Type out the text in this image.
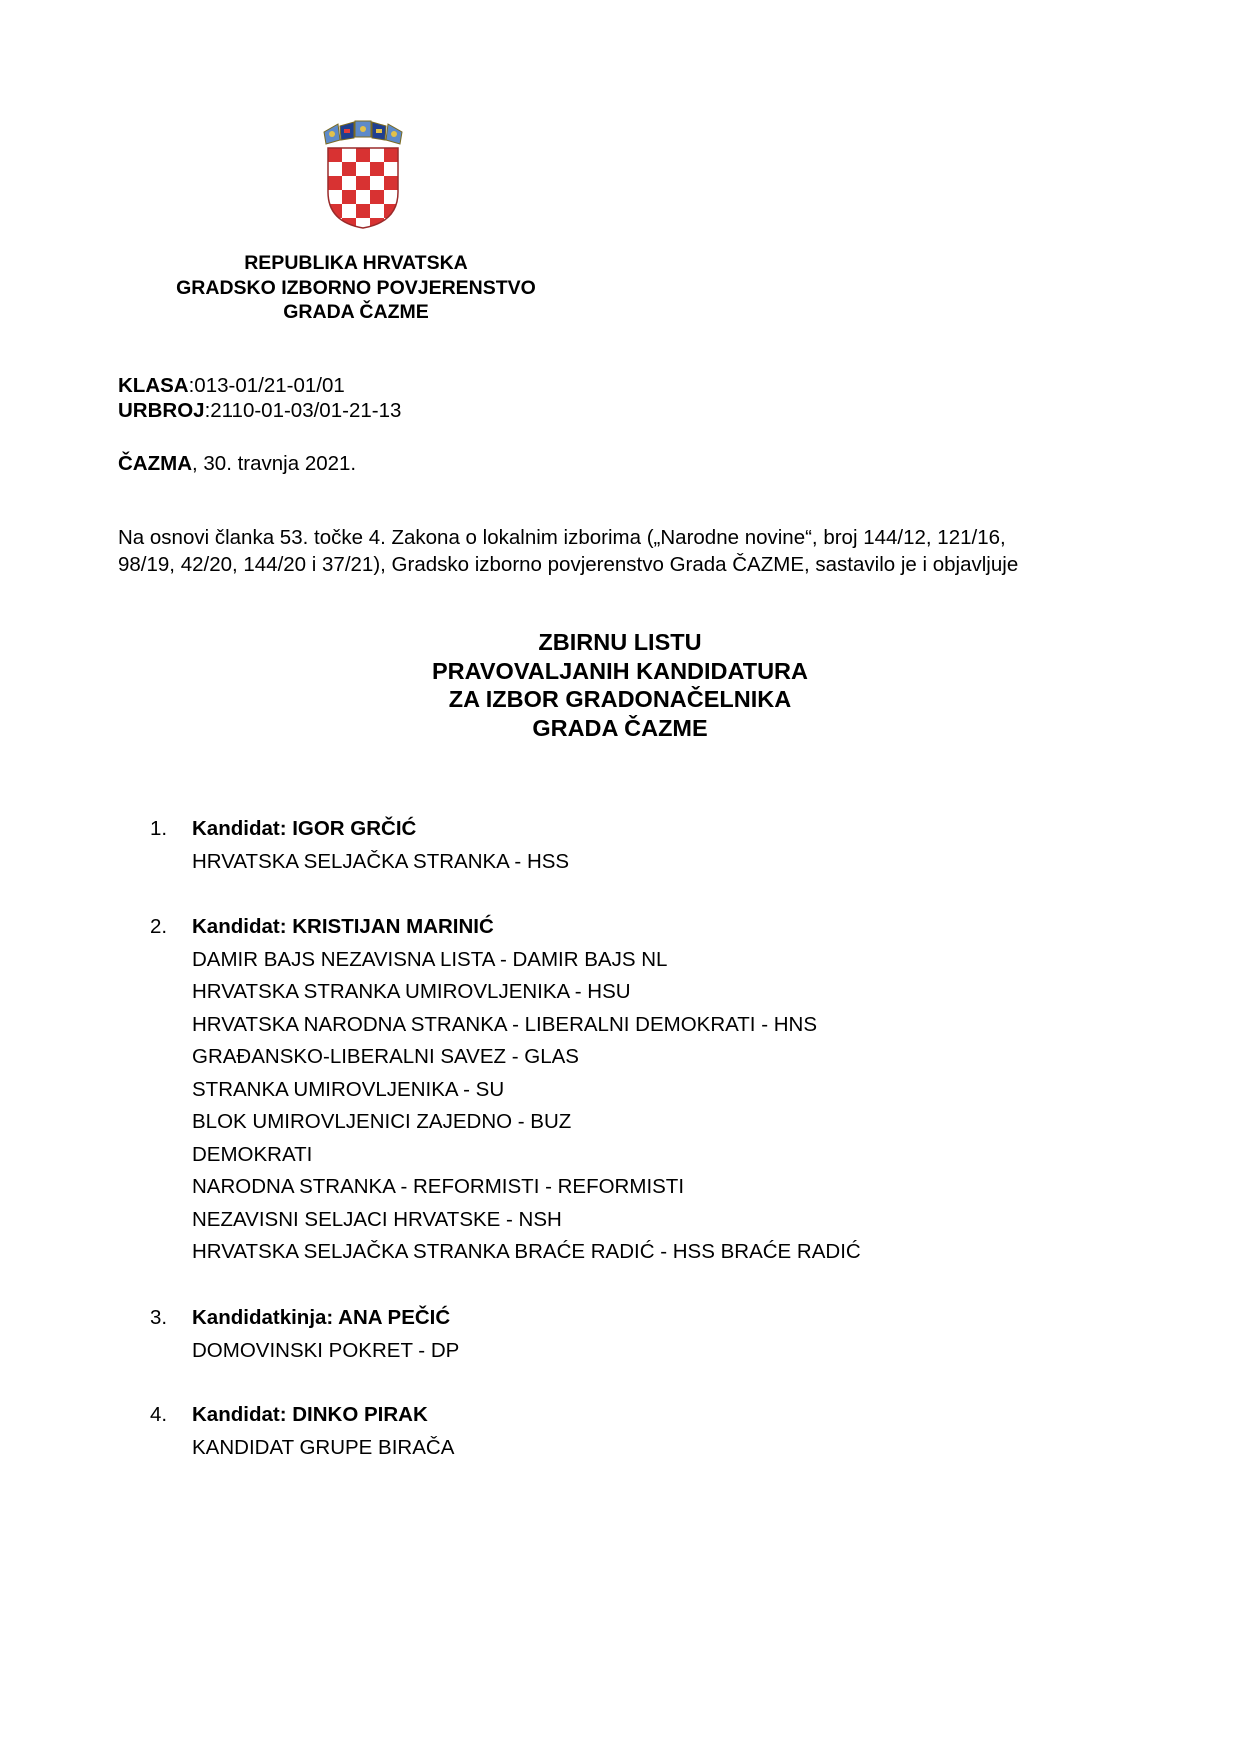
REPUBLIKA HRVATSKA
GRADSKO IZBORNO POVJERENSTVO
GRADA ČAZME
KLASA:013-01/21-01/01
URBROJ:2110-01-03/01-21-13
ČAZMA, 30. travnja 2021.
Na osnovi članka 53. točke 4. Zakona o lokalnim izborima („Narodne novine“, broj 144/12, 121/16,
98/19, 42/20, 144/20 i 37/21), Gradsko izborno povjerenstvo Grada ČAZME, sastavilo je i objavljuje
ZBIRNU LISTU
PRAVOVALJANIH KANDIDATURA
ZA IZBOR GRADONAČELNIKA
GRADA ČAZME
1. Kandidat: IGOR GRČIĆ
HRVATSKA SELJAČKA STRANKA - HSS
2. Kandidat: KRISTIJAN MARINIĆ
DAMIR BAJS NEZAVISNA LISTA - DAMIR BAJS NL
HRVATSKA STRANKA UMIROVLJENIKA - HSU
HRVATSKA NARODNA STRANKA - LIBERALNI DEMOKRATI - HNS
GRAĐANSKO-LIBERALNI SAVEZ - GLAS
STRANKA UMIROVLJENIKA - SU
BLOK UMIROVLJENICI ZAJEDNO - BUZ
DEMOKRATI
NARODNA STRANKA - REFORMISTI - REFORMISTI
NEZAVISNI SELJACI HRVATSKE - NSH
HRVATSKA SELJAČKA STRANKA BRAĆE RADIĆ - HSS BRAĆE RADIĆ
3. Kandidatkinja: ANA PEČIĆ
DOMOVINSKI POKRET - DP
4. Kandidat: DINKO PIRAK
KANDIDAT GRUPE BIRAČA
